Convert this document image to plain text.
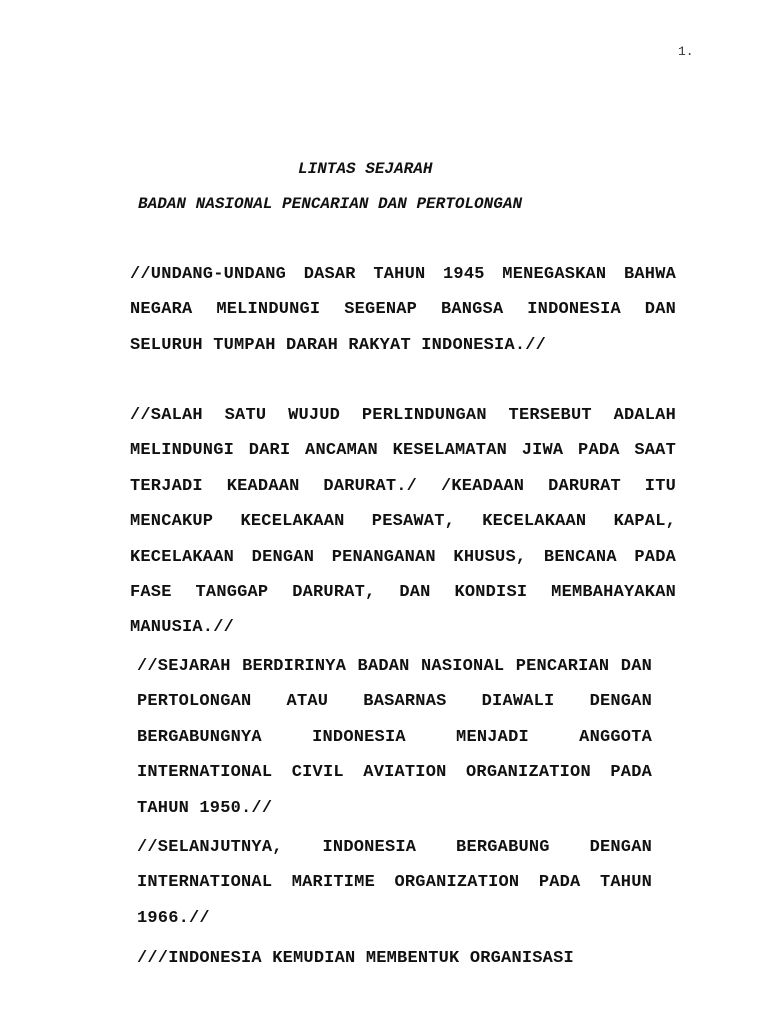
1.
LINTAS SEJARAH
BADAN NASIONAL PENCARIAN DAN PERTOLONGAN
//UNDANG-UNDANG DASAR TAHUN 1945 MENEGASKAN BAHWA NEGARA MELINDUNGI SEGENAP BANGSA INDONESIA DAN SELURUH TUMPAH DARAH RAKYAT INDONESIA.//
//SALAH SATU WUJUD PERLINDUNGAN TERSEBUT ADALAH MELINDUNGI DARI ANCAMAN KESELAMATAN JIWA PADA SAAT TERJADI KEADAAN DARURAT./ /KEADAAN DARURAT ITU MENCAKUP KECELAKAAN PESAWAT, KECELAKAAN KAPAL, KECELAKAAN DENGAN PENANGANAN KHUSUS, BENCANA PADA FASE TANGGAP DARURAT, DAN KONDISI MEMBAHAYAKAN MANUSIA.//
//SEJARAH BERDIRINYA BADAN NASIONAL PENCARIAN DAN PERTOLONGAN ATAU BASARNAS DIAWALI DENGAN BERGABUNGNYA INDONESIA MENJADI ANGGOTA INTERNATIONAL CIVIL AVIATION ORGANIZATION PADA TAHUN 1950.//
//SELANJUTNYA, INDONESIA BERGABUNG DENGAN INTERNATIONAL MARITIME ORGANIZATION PADA TAHUN 1966.//
///INDONESIA KEMUDIAN MEMBENTUK ORGANISASI
